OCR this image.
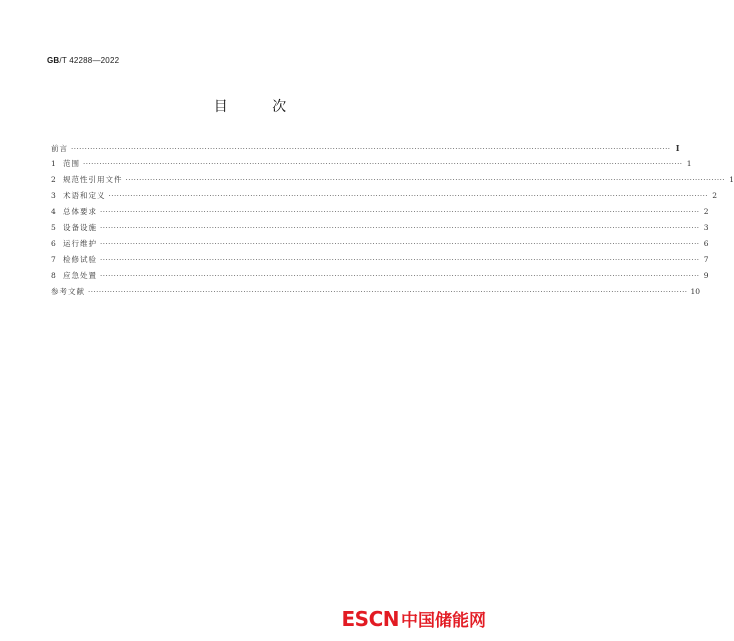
GB/T 42288—2022
目 次
前言 ···························································································································································································································· Ⅰ
1 范围 ···························································································································································································································· 1
2 规范性引用文件 ···························································································································································································································· 1
3 术语和定义 ···························································································································································································································· 2
4 总体要求 ···························································································································································································································· 2
5 设备设施 ···························································································································································································································· 3
6 运行维护 ···························································································································································································································· 6
7 检修试验 ···························································································································································································································· 7
8 应急处置 ···························································································································································································································· 9
参考文献 ···························································································································································································································· 10
ESCN 中国储能网
